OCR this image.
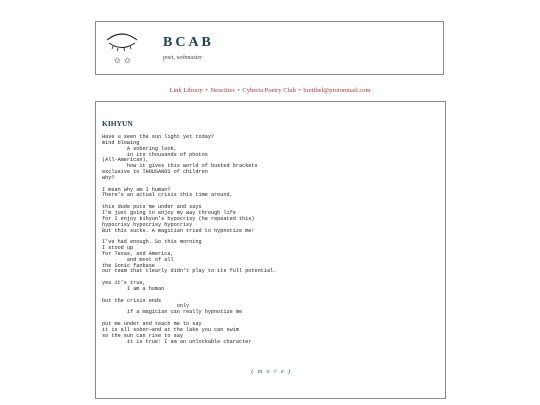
✩ ✩
BCAB
poet, webmaster
Link Library • Neocities • Cyberia Poetry Club • brettbel@protonmail.com
KIHYUN
Have u seen the sun light yet today?
mind blowing
A sobering look,
in its thousands of photos
(All-American),
how it gives this world of busted brackets
exclusive to THOUSANDS of children
why?

I mean why am I human?
There’s an actual crisis this time around,

this dude puts me under and says
I’m just going to enjoy my way through life
for I enjoy kihyun’s hypocrisy (he repeated this)
hypocrisy hypocrisy hypocrisy
But this sucks. A magician tried to hypnotize me!

I’ve had enough. So this morning
I stood up
for Texas, and America,
and most of all
the Sonic fanbase
our team that clearly didn’t play to its full potential.

yes it’s true,
I am a human

but the crisis ends
only
if a magician can really hypnotize me

put me under and teach me to say
it is all sober—and at the lake you can swim
so the sun can rise to say
it is true: I am an unlockable character
( m o r e )
